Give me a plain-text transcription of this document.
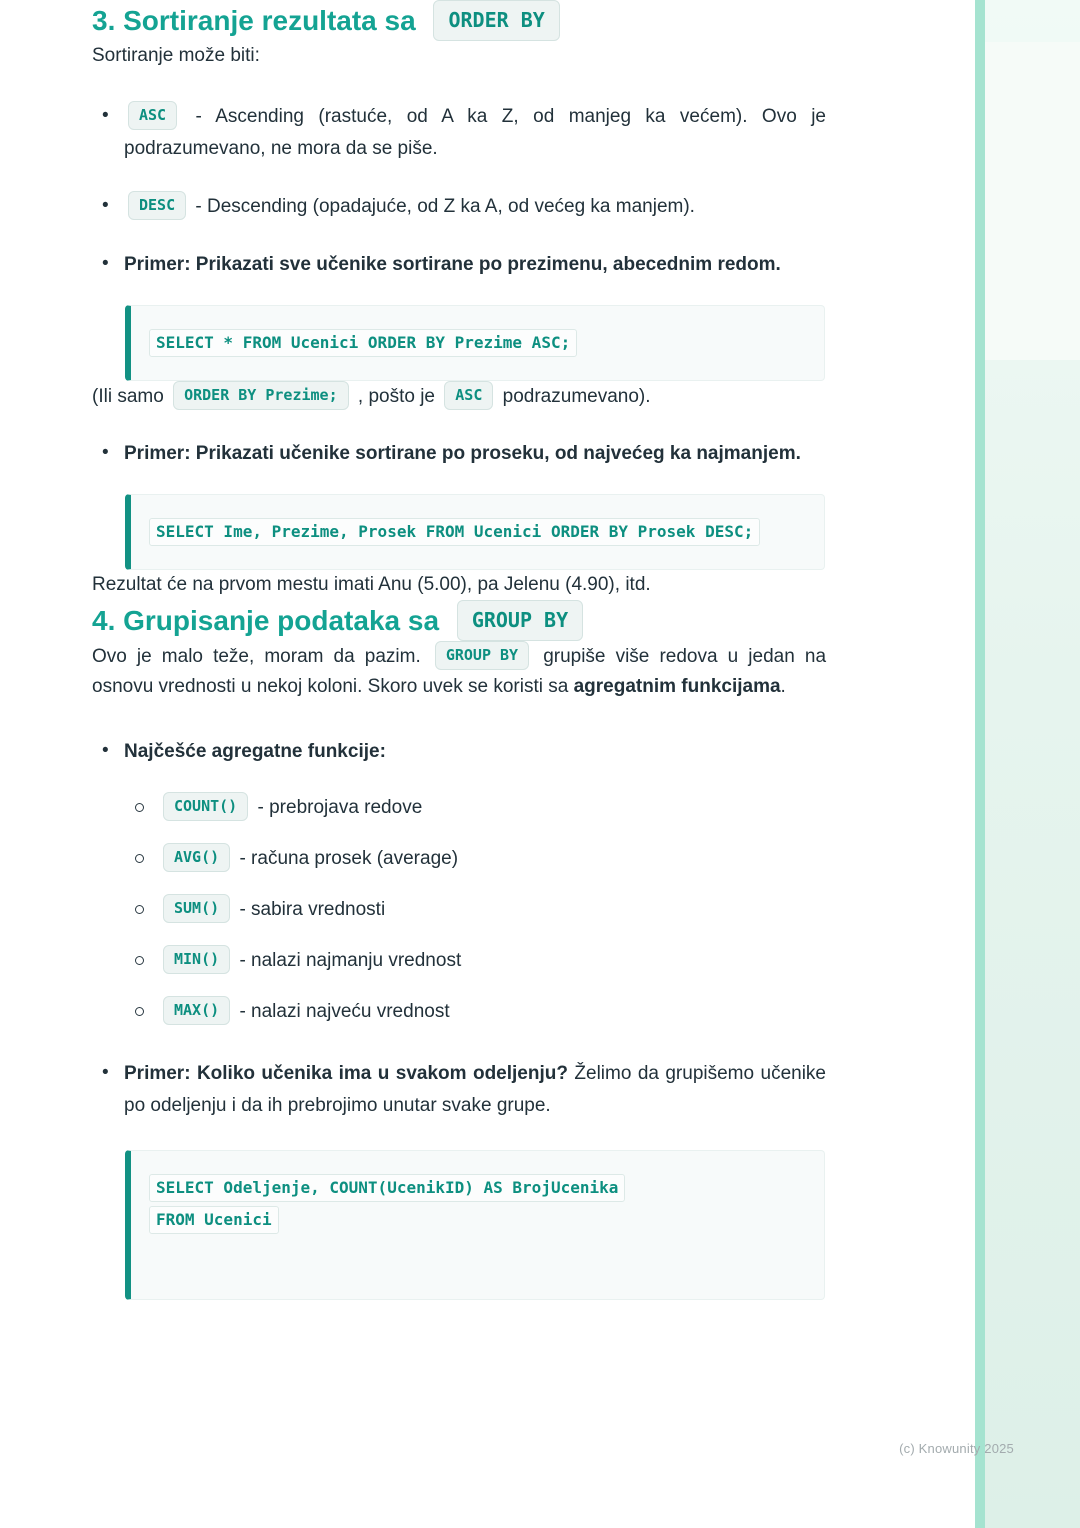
3. Sortiranje rezultata sa ORDER BY

Sortiranje može biti:

•	ASC - Ascending (rastuće, od A ka Z, od manjeg ka većem). Ovo je podrazumevano, ne mora da se piše.
•	DESC - Descending (opadajuće, od Z ka A, od većeg ka manjem).
• Primer: Prikazati sve učenike sortirane po prezimenu, abecednim redom.
SELECT * FROM Ucenici ORDER BY Prezime ASC;

(Ili samo ORDER BY Prezime; , pošto je ASC podrazumevano).

• Primer: Prikazati učenike sortirane po proseku, od najvećeg ka najmanjem.
SELECT Ime, Prezime, Prosek FROM Ucenici ORDER BY Prosek DESC;

Rezultat će na prvom mestu imati Anu (5.00), pa Jelenu (4.90), itd.

4. Grupisanje podataka sa GROUP BY

Ovo je malo teže, moram da pazim. GROUP BY grupiše više redova u jedan na osnovu vrednosti u nekoj koloni. Skoro uvek se koristi sa agregatnim funkcijama.

• Najčešće agregatne funkcije:
COUNT() - prebrojava redove
AVG() - računa prosek (average)
SUM() - sabira vrednosti
MIN() - nalazi najmanju vrednost
MAX() - nalazi najveću vrednost
• Primer: Koliko učenika ima u svakom odeljenju? Želimo da grupišemo učenike po odeljenju i da ih prebrojimo unutar svake grupe.
SELECT Odeljenje, COUNT(UcenikID) AS BrojUcenika
FROM Ucenici
(c) Knowunity 2025
